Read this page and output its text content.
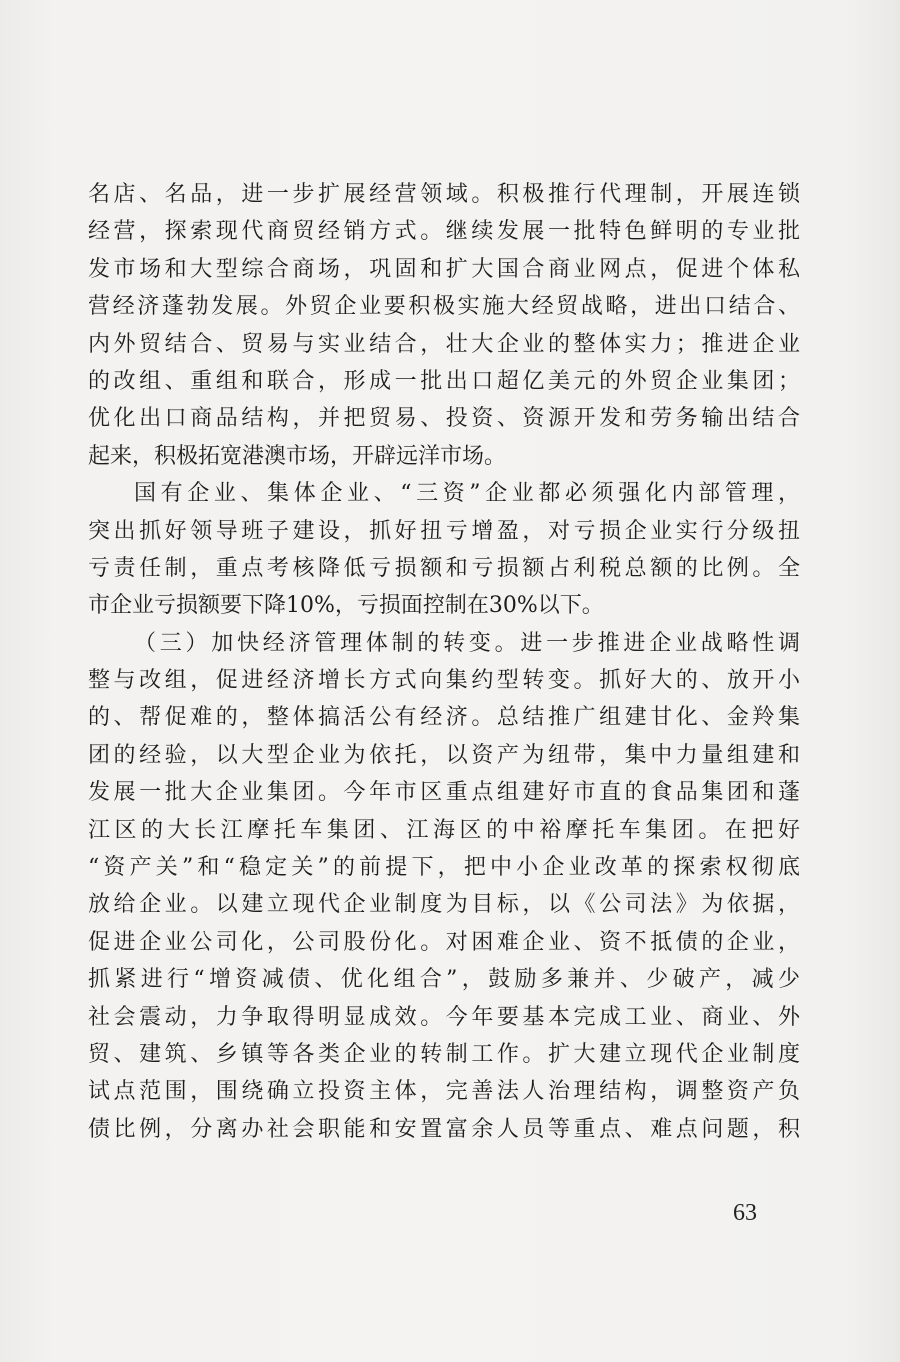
名店、名品，进一步扩展经营领域。积极推行代理制，开展连锁
经营，探索现代商贸经销方式。继续发展一批特色鲜明的专业批
发市场和大型综合商场，巩固和扩大国合商业网点，促进个体私
营经济蓬勃发展。外贸企业要积极实施大经贸战略，进出口结合、
内外贸结合、贸易与实业结合，壮大企业的整体实力；推进企业
的改组、重组和联合，形成一批出口超亿美元的外贸企业集团；
优化出口商品结构，并把贸易、投资、资源开发和劳务输出结合
起来，积极拓宽港澳市场，开辟远洋市场。
国有企业、集体企业、“三资”企业都必须强化内部管理，
突出抓好领导班子建设，抓好扭亏增盈，对亏损企业实行分级扭
亏责任制，重点考核降低亏损额和亏损额占利税总额的比例。全
市企业亏损额要下降10%，亏损面控制在30%以下。
（三）加快经济管理体制的转变。进一步推进企业战略性调
整与改组，促进经济增长方式向集约型转变。抓好大的、放开小
的、帮促难的，整体搞活公有经济。总结推广组建甘化、金羚集
团的经验，以大型企业为依托，以资产为纽带，集中力量组建和
发展一批大企业集团。今年市区重点组建好市直的食品集团和蓬
江区的大长江摩托车集团、江海区的中裕摩托车集团。在把好
“资产关”和“稳定关”的前提下，把中小企业改革的探索权彻底
放给企业。以建立现代企业制度为目标，以《公司法》为依据，
促进企业公司化，公司股份化。对困难企业、资不抵债的企业，
抓紧进行“增资减债、优化组合”，鼓励多兼并、少破产，减少
社会震动，力争取得明显成效。今年要基本完成工业、商业、外
贸、建筑、乡镇等各类企业的转制工作。扩大建立现代企业制度
试点范围，围绕确立投资主体，完善法人治理结构，调整资产负
债比例，分离办社会职能和安置富余人员等重点、难点问题，积
63
